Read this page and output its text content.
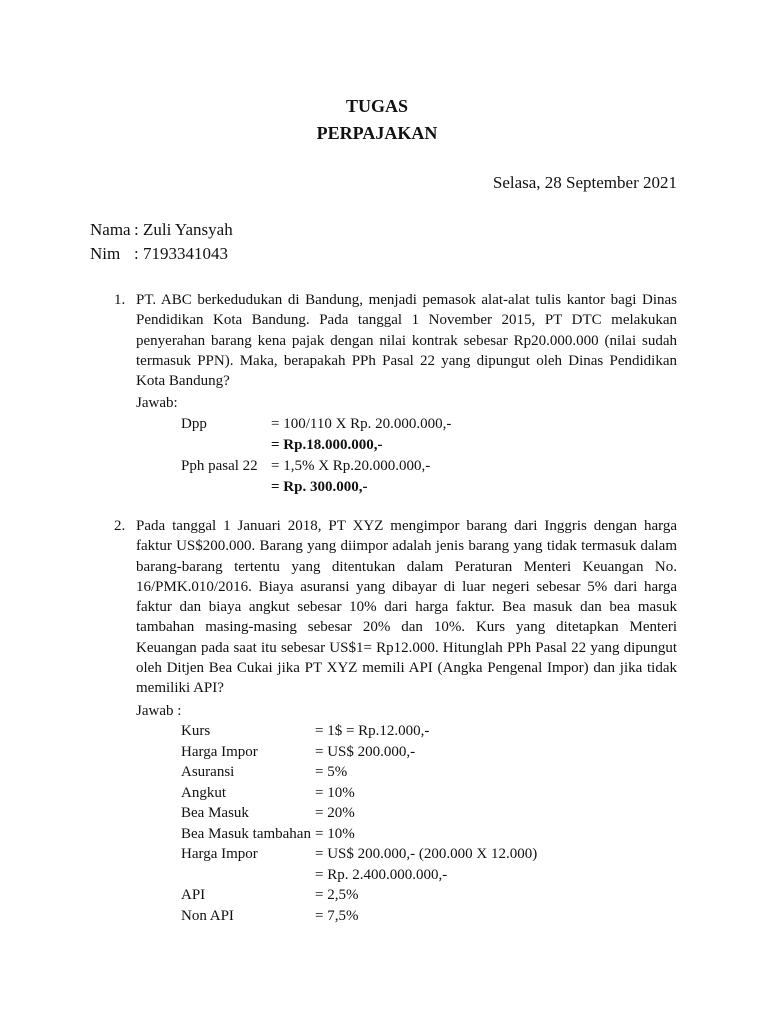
TUGAS
PERPAJAKAN
Selasa, 28 September 2021
Nama : Zuli Yansyah
Nim : 7193341043
1. PT. ABC berkedudukan di Bandung, menjadi pemasok alat-alat tulis kantor bagi Dinas Pendidikan Kota Bandung. Pada tanggal 1 November 2015, PT DTC melakukan penyerahan barang kena pajak dengan nilai kontrak sebesar Rp20.000.000 (nilai sudah termasuk PPN). Maka, berapakah PPh Pasal 22 yang dipungut oleh Dinas Pendidikan Kota Bandung?

Jawab:
Dpp	= 100/110 X Rp. 20.000.000,-
= Rp.18.000.000,-
Pph pasal 22 = 1,5% X Rp.20.000.000,-
= Rp. 300.000,-
2. Pada tanggal 1 Januari 2018, PT XYZ mengimpor barang dari Inggris dengan harga faktur US$200.000. Barang yang diimpor adalah jenis barang yang tidak termasuk dalam barang-barang tertentu yang ditentukan dalam Peraturan Menteri Keuangan No. 16/PMK.010/2016. Biaya asuransi yang dibayar di luar negeri sebesar 5% dari harga faktur dan biaya angkut sebesar 10% dari harga faktur. Bea masuk dan bea masuk tambahan masing-masing sebesar 20% dan 10%. Kurs yang ditetapkan Menteri Keuangan pada saat itu sebesar US$1= Rp12.000. Hitunglah PPh Pasal 22 yang dipungut oleh Ditjen Bea Cukai jika PT XYZ memili API (Angka Pengenal Impor) dan jika tidak memiliki API?

Jawab :
Kurs	= 1$ = Rp.12.000,-
Harga Impor	= US$ 200.000,-
Asuransi	= 5%
Angkut	= 10%
Bea Masuk	= 20%
Bea Masuk tambahan = 10%
Harga Impor	= US$ 200.000,- (200.000 X 12.000)
= Rp. 2.400.000.000,-
API	= 2,5%
Non API	= 7,5%
